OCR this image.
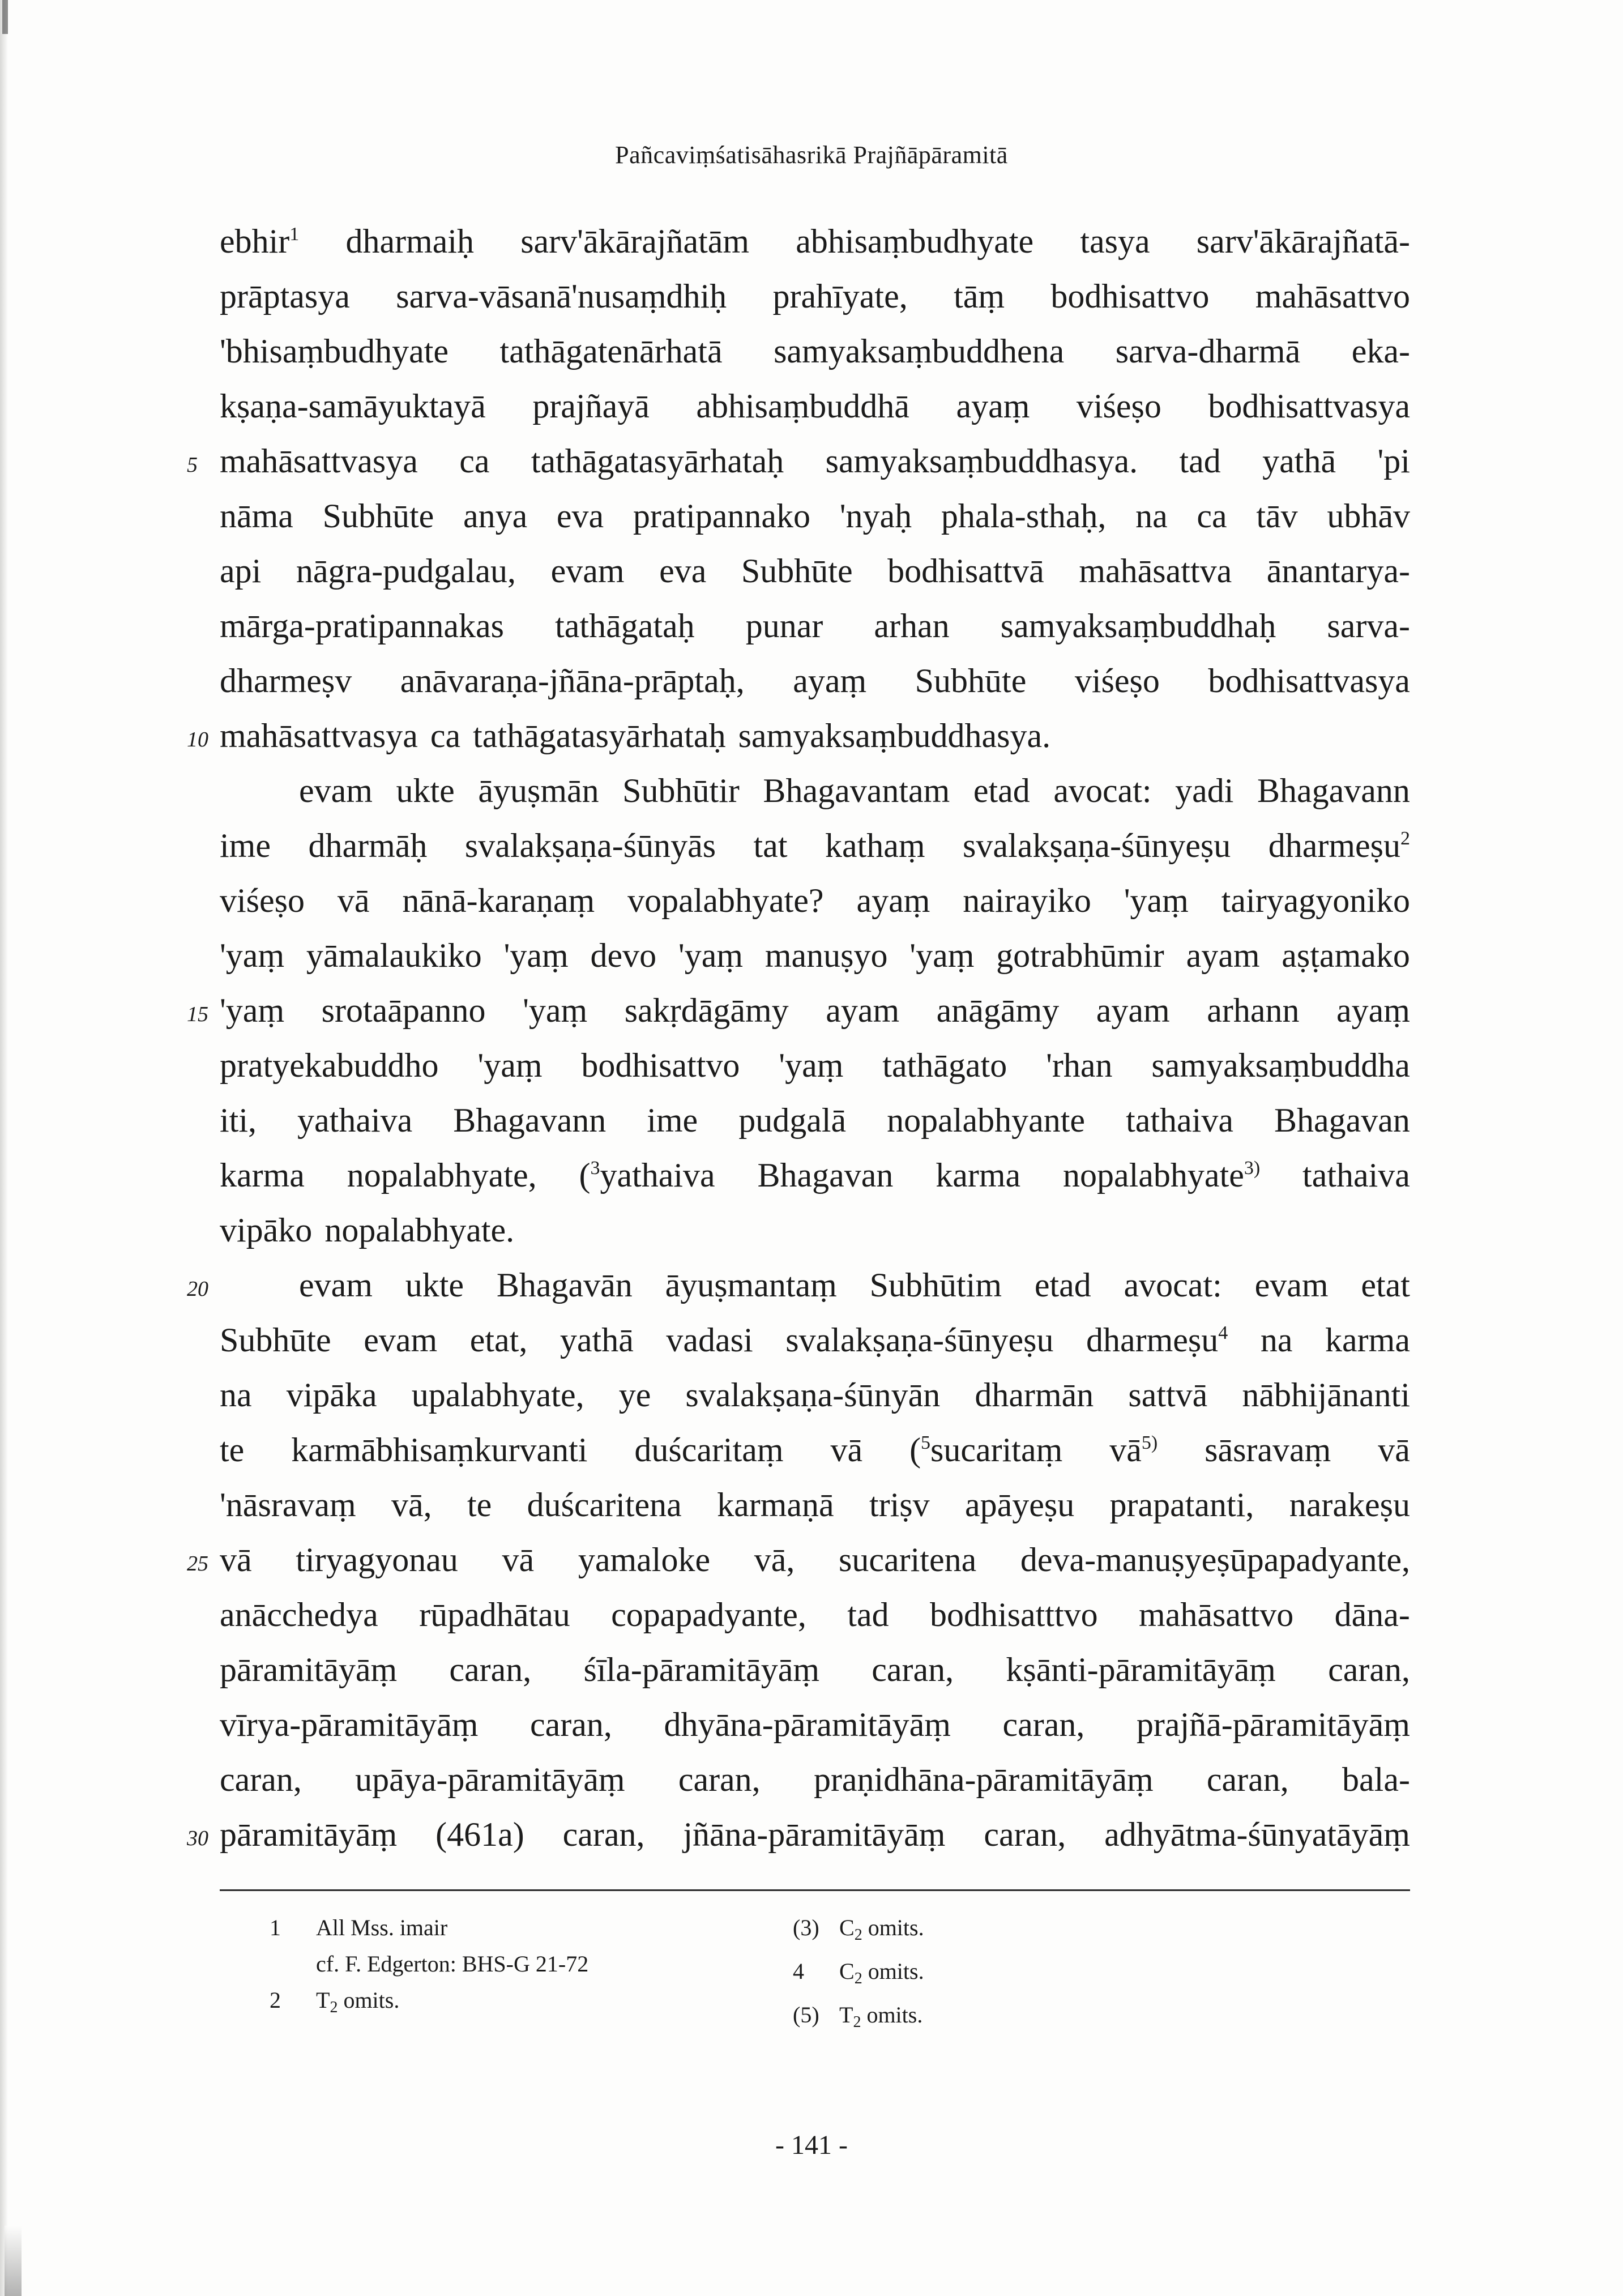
Pañcaviṃśatisāhasrikā Prajñāpāramitā
ebhir$^1$ dharmaiḥ sarv'ākārajñatām abhisaṃbudhyate tasya sarv'ākārajñatā-
prāptasya sarva-vāsanā'nusaṃdhiḥ prahīyate, tāṃ bodhisattvo mahāsattvo
'bhisaṃbudhyate tathāgatenārhatā samyaksaṃbuddhena sarva-dharmā eka-
kṣaṇa-samāyuktayā prajñayā abhisaṃbuddhā ayaṃ viśeṣo bodhisattvasya
5 mahāsattvasya ca tathāgatasyārhataḥ samyaksaṃbuddhasya. tad yathā 'pi
nāma Subhūte anya eva pratipannako 'nyaḥ phala-sthaḥ, na ca tāv ubhāv
api nāgra-pudgalau, evam eva Subhūte bodhisattvā mahāsattva ānantarya-
mārga-pratipannakas tathāgataḥ punar arhan samyaksaṃbuddhaḥ sarva-
dharmeṣv anāvaraṇa-jñāna-prāptaḥ, ayaṃ Subhūte viśeṣo bodhisattvasya
10 mahāsattvasya ca tathāgatasyārhataḥ samyaksaṃbuddhasya.
evam ukte āyuṣmān Subhūtir Bhagavantam etad avocat: yadi Bhagavann
ime dharmāḥ svalakṣaṇa-śūnyās tat kathaṃ svalakṣaṇa-śūnyeṣu dharmeṣu$^2$
viśeṣo vā nānā-karaṇaṃ vopalabhyate? ayaṃ nairayiko 'yaṃ tairyagyoniko
'yaṃ yāmalaukiko 'yaṃ devo 'yaṃ manuṣyo 'yaṃ gotrabhūmir ayam aṣṭamako
15 'yaṃ srotaāpanno 'yaṃ sakṛdāgāmy ayam anāgāmy ayam arhann ayaṃ
pratyekabuddho 'yaṃ bodhisattvo 'yaṃ tathāgato 'rhan samyaksaṃbuddha
iti, yathaiva Bhagavann ime pudgalā nopalabhyante tathaiva Bhagavan
karma nopalabhyate, ($^3$yathaiva Bhagavan karma nopalabhyate$^{3)}$ tathaiva
vipāko nopalabhyate.
20	evam ukte Bhagavān āyuṣmantaṃ Subhūtim etad avocat: evam etat
Subhūte evam etat, yathā vadasi svalakṣaṇa-śūnyeṣu dharmeṣu$^4$ na karma
na vipāka upalabhyate, ye svalakṣaṇa-śūnyān dharmān sattvā nābhijānanti
te karmābhisaṃkurvanti duścaritaṃ vā ($^5$sucaritaṃ $vā^{5)}$ sāsravaṃ vā
'nāsravaṃ vā, te duścaritena karmaṇā triṣv apāyeṣu prapatanti, narakeṣu
25 vā tiryagyonau vā yamaloke vā, sucaritena deva-manuṣyeṣūpapadyante,
anācchedya rūpadhātau copapadyante, tad bodhisatttvo mahāsattvo dāna-
pāramitāyāṃ caran, śīla-pāramitāyāṃ caran, kṣānti-pāramitāyāṃ caran,
vīrya-pāramitāyāṃ caran, dhyāna-pāramitāyāṃ caran, prajñā-pāramitāyāṃ
caran, upāya-pāramitāyāṃ caran, praṇidhāna-pāramitāyāṃ caran, bala-
30 pāramitāyāṃ (461a) caran, jñāna-pāramitāyāṃ caran, adhyātma-śūnyatāyāṃ
1	All Mss. imair
cf. F. Edgerton: BHS-G 21-72
2	$T_2$ omits.
(3) $C_2$ omits.
4	$C_2$ omits.
(5) $T_2$ omits.
- 141 -
